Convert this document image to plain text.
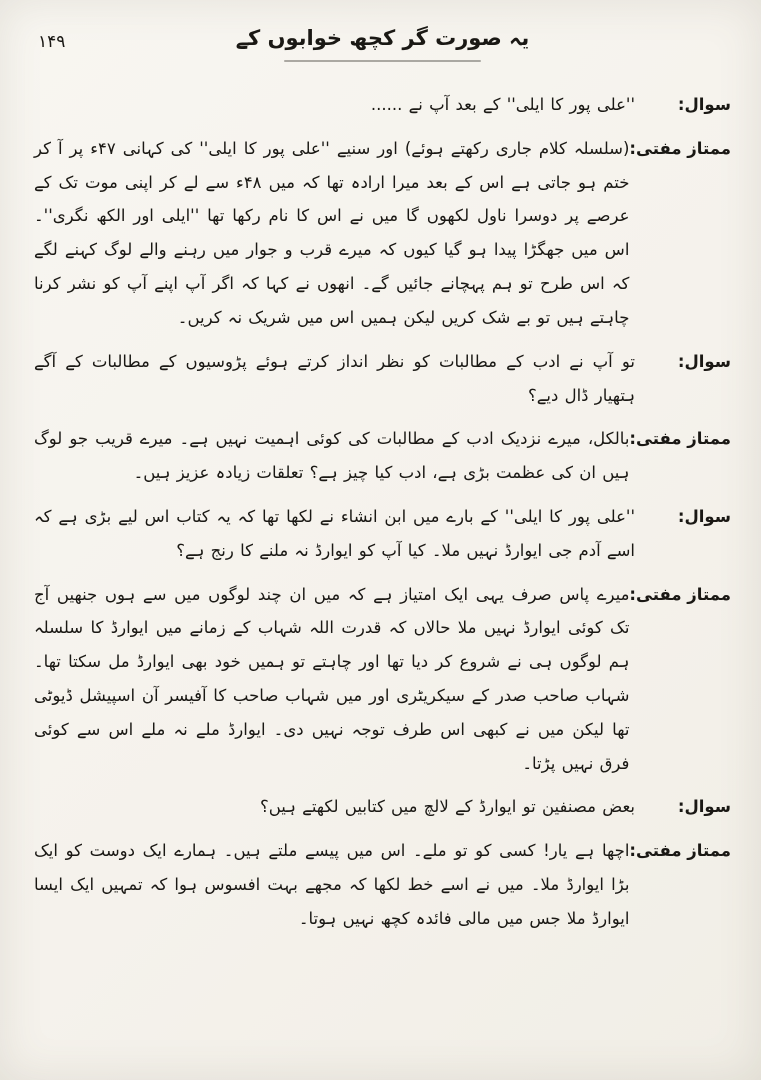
۱۴۹	یہ صورت گر کچھ خوابوں کے
سوال:
''علی پور کا ایلی'' کے بعد آپ نے ......
ممتاز مفتی:
(سلسلہ کلام جاری رکھتے ہوئے) اور سنیے ''علی پور کا ایلی'' کی کہانی ۴۷ء پر آ کر ختم ہو جاتی ہے اس کے بعد میرا ارادہ تھا کہ میں ۴۸ء سے لے کر اپنی موت تک کے عرصے پر دوسرا ناول لکھوں گا میں نے اس کا نام رکھا تھا ''ایلی اور الکھ نگری''۔ اس میں جھگڑا پیدا ہو گیا کیوں کہ میرے قرب و جوار میں رہنے والے لوگ کہنے لگے کہ اس طرح تو ہم پہچانے جائیں گے۔ انھوں نے کہا کہ اگر آپ اپنے آپ کو نشر کرنا چاہتے ہیں تو بے شک کریں لیکن ہمیں اس میں شریک نہ کریں۔
سوال:
تو آپ نے ادب کے مطالبات کو نظر انداز کرتے ہوئے پڑوسیوں کے مطالبات کے آگے ہتھیار ڈال دیے؟
ممتاز مفتی:
بالکل، میرے نزدیک ادب کے مطالبات کی کوئی اہمیت نہیں ہے۔ میرے قریب جو لوگ ہیں ان کی عظمت بڑی ہے، ادب کیا چیز ہے؟ تعلقات زیادہ عزیز ہیں۔
سوال:
''علی پور کا ایلی'' کے بارے میں ابن انشاء نے لکھا تھا کہ یہ کتاب اس لیے بڑی ہے کہ اسے آدم جی ایوارڈ نہیں ملا۔ کیا آپ کو ایوارڈ نہ ملنے کا رنج ہے؟
ممتاز مفتی:
میرے پاس صرف یہی ایک امتیاز ہے کہ میں ان چند لوگوں میں سے ہوں جنھیں آج تک کوئی ایوارڈ نہیں ملا حالاں کہ قدرت اللہ شہاب کے زمانے میں ایوارڈ کا سلسلہ ہم لوگوں ہی نے شروع کر دیا تھا اور چاہتے تو ہمیں خود بھی ایوارڈ مل سکتا تھا۔ شہاب صاحب صدر کے سیکریٹری اور میں شہاب صاحب کا آفیسر آن اسپیشل ڈیوٹی تھا لیکن میں نے کبھی اس طرف توجہ نہیں دی۔ ایوارڈ ملے نہ ملے اس سے کوئی فرق نہیں پڑتا۔
سوال:
بعض مصنفین تو ایوارڈ کے لالچ میں کتابیں لکھتے ہیں؟
ممتاز مفتی:
اچھا ہے یار! کسی کو تو ملے۔ اس میں پیسے ملتے ہیں۔ ہمارے ایک دوست کو ایک بڑا ایوارڈ ملا۔ میں نے اسے خط لکھا کہ مجھے بہت افسوس ہوا کہ تمہیں ایک ایسا ایوارڈ ملا جس میں مالی فائدہ کچھ نہیں ہوتا۔
